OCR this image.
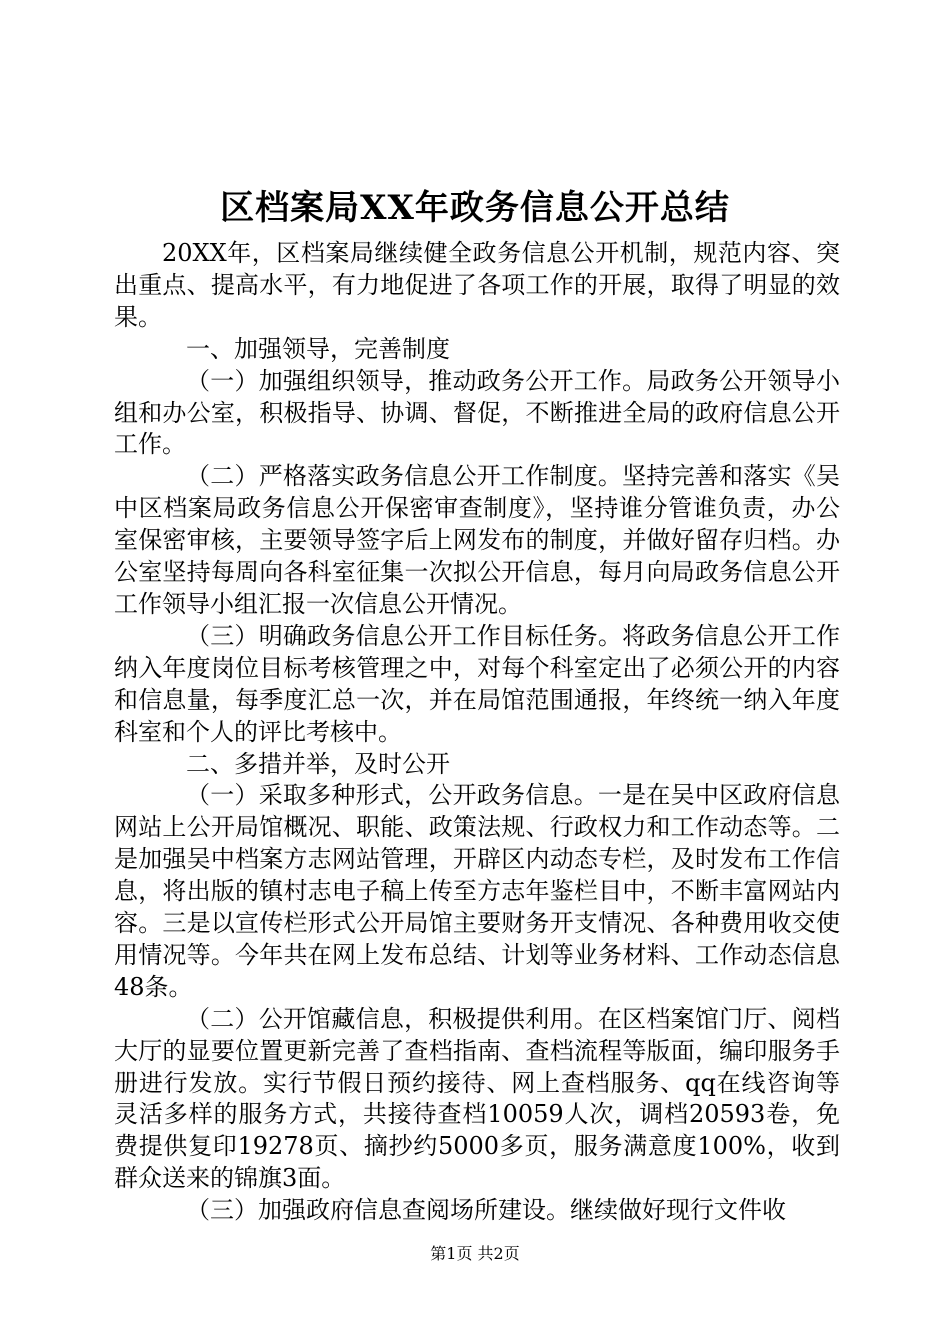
区档案局XX年政务信息公开总结

20XX年，区档案局继续健全政务信息公开机制，规范内容、突出重点、提高水平，有力地促进了各项工作的开展，取得了明显的效果。

一、加强领导，完善制度

（一）加强组织领导，推动政务公开工作。局政务公开领导小组和办公室，积极指导、协调、督促，不断推进全局的政府信息公开工作。

（二）严格落实政务信息公开工作制度。坚持完善和落实《吴中区档案局政务信息公开保密审查制度》，坚持谁分管谁负责，办公室保密审核，主要领导签字后上网发布的制度，并做好留存归档。办公室坚持每周向各科室征集一次拟公开信息，每月向局政务信息公开工作领导小组汇报一次信息公开情况。

（三）明确政务信息公开工作目标任务。将政务信息公开工作纳入年度岗位目标考核管理之中，对每个科室定出了必须公开的内容和信息量，每季度汇总一次，并在局馆范围通报，年终统一纳入年度科室和个人的评比考核中。

二、多措并举，及时公开

（一）采取多种形式，公开政务信息。一是在吴中区政府信息网站上公开局馆概况、职能、政策法规、行政权力和工作动态等。二是加强吴中档案方志网站管理，开辟区内动态专栏，及时发布工作信息，将出版的镇村志电子稿上传至方志年鉴栏目中，不断丰富网站内容。三是以宣传栏形式公开局馆主要财务开支情况、各种费用收交使用情况等。今年共在网上发布总结、计划等业务材料、工作动态信息48条。

（二）公开馆藏信息，积极提供利用。在区档案馆门厅、阅档大厅的显要位置更新完善了查档指南、查档流程等版面，编印服务手册进行发放。实行节假日预约接待、网上查档服务、qq在线咨询等灵活多样的服务方式，共接待查档10059人次，调档20593卷，免费提供复印19278页、摘抄约5000多页，服务满意度100%，收到群众送来的锦旗3面。

（三）加强政府信息查阅场所建设。继续做好现行文件收

第1页 共2页
